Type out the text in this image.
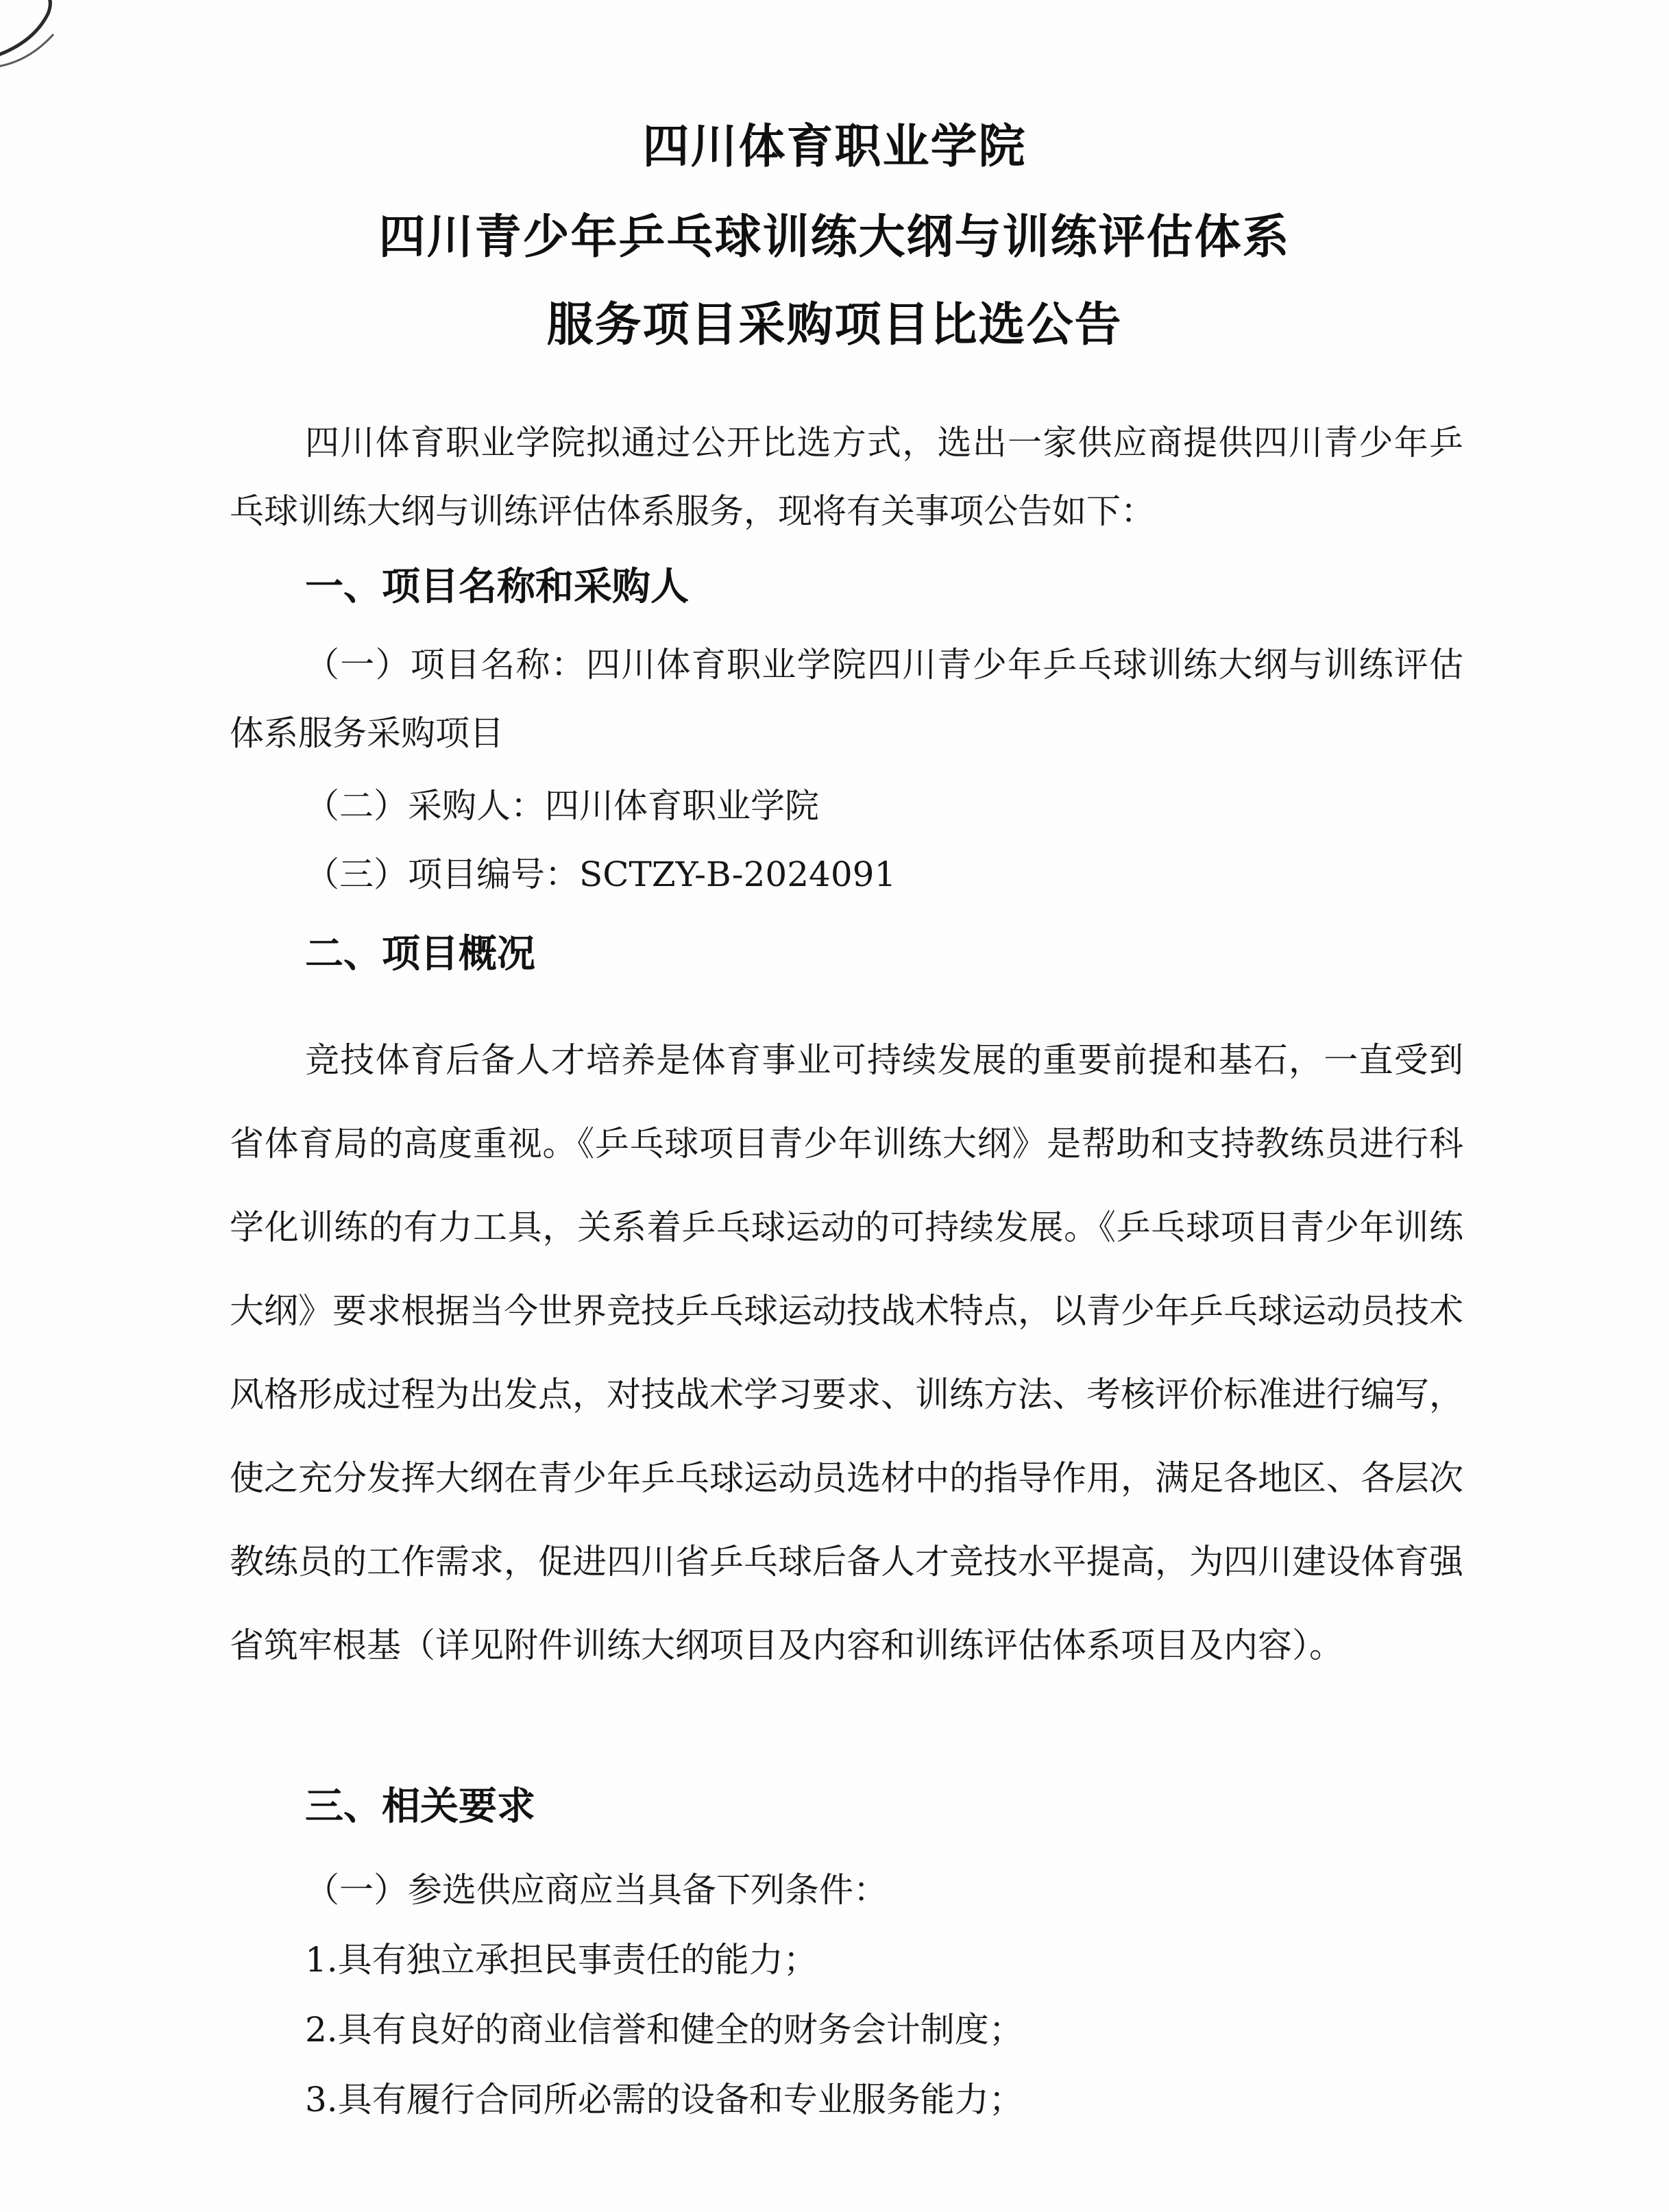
四川体育职业学院
四川青少年乒乓球训练大纲与训练评估体系
服务项目采购项目比选公告
四川体育职业学院拟通过公开比选方式，选出一家供应商提供四川青少年乒乓球训练大纲与训练评估体系服务，现将有关事项公告如下：
一、项目名称和采购人
（一）项目名称：四川体育职业学院四川青少年乒乓球训练大纲与训练评估体系服务采购项目
（二）采购人：四川体育职业学院
（三）项目编号：SCTZY-B-2024091
二、项目概况
竞技体育后备人才培养是体育事业可持续发展的重要前提和基石，一直受到省体育局的高度重视。《乒乓球项目青少年训练大纲》是帮助和支持教练员进行科学化训练的有力工具，关系着乒乓球运动的可持续发展。《乒乓球项目青少年训练大纲》要求根据当今世界竞技乒乓球运动技战术特点，以青少年乒乓球运动员技术风格形成过程为出发点，对技战术学习要求、训练方法、考核评价标准进行编写，使之充分发挥大纲在青少年乒乓球运动员选材中的指导作用，满足各地区、各层次教练员的工作需求，促进四川省乒乓球后备人才竞技水平提高，为四川建设体育强省筑牢根基（详见附件训练大纲项目及内容和训练评估体系项目及内容）。
三、相关要求
（一）参选供应商应当具备下列条件：
1.具有独立承担民事责任的能力；
2.具有良好的商业信誉和健全的财务会计制度；
3.具有履行合同所必需的设备和专业服务能力；
